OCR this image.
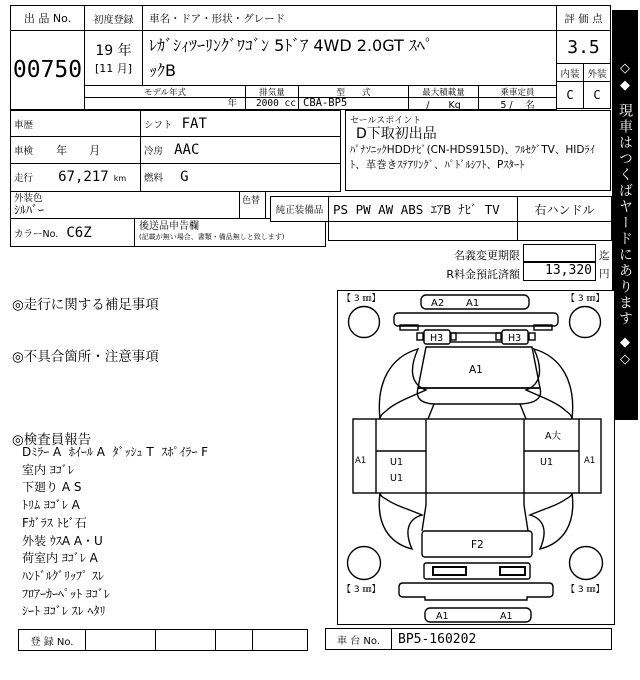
出 品 No.
00750
初度登録
19 年
[11 月]
車名・ドア・形状・グレード
ﾚｶﾞｼｨﾂｰﾘﾝｸﾞﾜｺﾞﾝ 5ﾄﾞｱ 4WD 2.0GT ｽﾍﾟ
ｯｸB
評 価 点
3.5
内装 外装
C	C
モデル年式	排気量	型　　式	最大積載量	乗車定員
年	2000 cc CBA-BP5	/　　Kg	5 /　 名
車歴	シフト FAT
車検 年　　月	冷房 AAC
走行 67,217 km	燃料 G
外装色
ｼﾙﾊﾞｰ
色替
カラーNo. C6Z	後送品申告欄
(記載が無い場合、書類・備品無しと致します)
セールスポイント
D下取初出品
ﾊﾟﾅｿﾆｯｸHDDﾅﾋﾞ(CN-HDS915D)、ﾌﾙｾｸﾞTV、HIDﾗｲ
ﾄ、革巻きｽﾃｱﾘﾝｸﾞ、ﾊﾟﾄﾞﾙｼﾌﾄ、Pｽﾀｰﾄ
純正装備品 PS PW AW ABS ｴｱB ﾅﾋﾞ TV	右ハンドル
名義変更期限	迄
R料金預託済額	13,320 円
◎走行に関する補足事項
◎不具合箇所・注意事項
◎検査員報告
Dﾐﾗｰ A  ﾎｲｰﾙ A  ﾀﾞｯｼｭ T  ｽﾎﾟｲﾗｰ F
室内 ﾖｺﾞﾚ
下廻り A S
ﾄﾘﾑ ﾖｺﾞﾚ A
Fｶﾞﾗｽ ﾄﾋﾞ石
外装 ｳｽA A・U
荷室内 ﾖｺﾞﾚ A
ﾊﾝﾄﾞﾙｸﾞﾘｯﾌﾟ ｽﾚ
ﾌﾛｱｰｶｰﾍﾟｯﾄ ﾖｺﾞﾚ
ｼｰﾄ ﾖｺﾞﾚ ｽﾚ ﾍﾀﾘ
◇◆
現車はつくばヤードにあります
◆◇
【 3 ㎜】	【 3 ㎜】
【 3 ㎜】	【 3 ㎜】
A2 A1
H3	H3
A1
A1	A1
A大
U1
U1
U1
F2
A1	A1
登 録 No.	車 台 No.	BP5-160202
